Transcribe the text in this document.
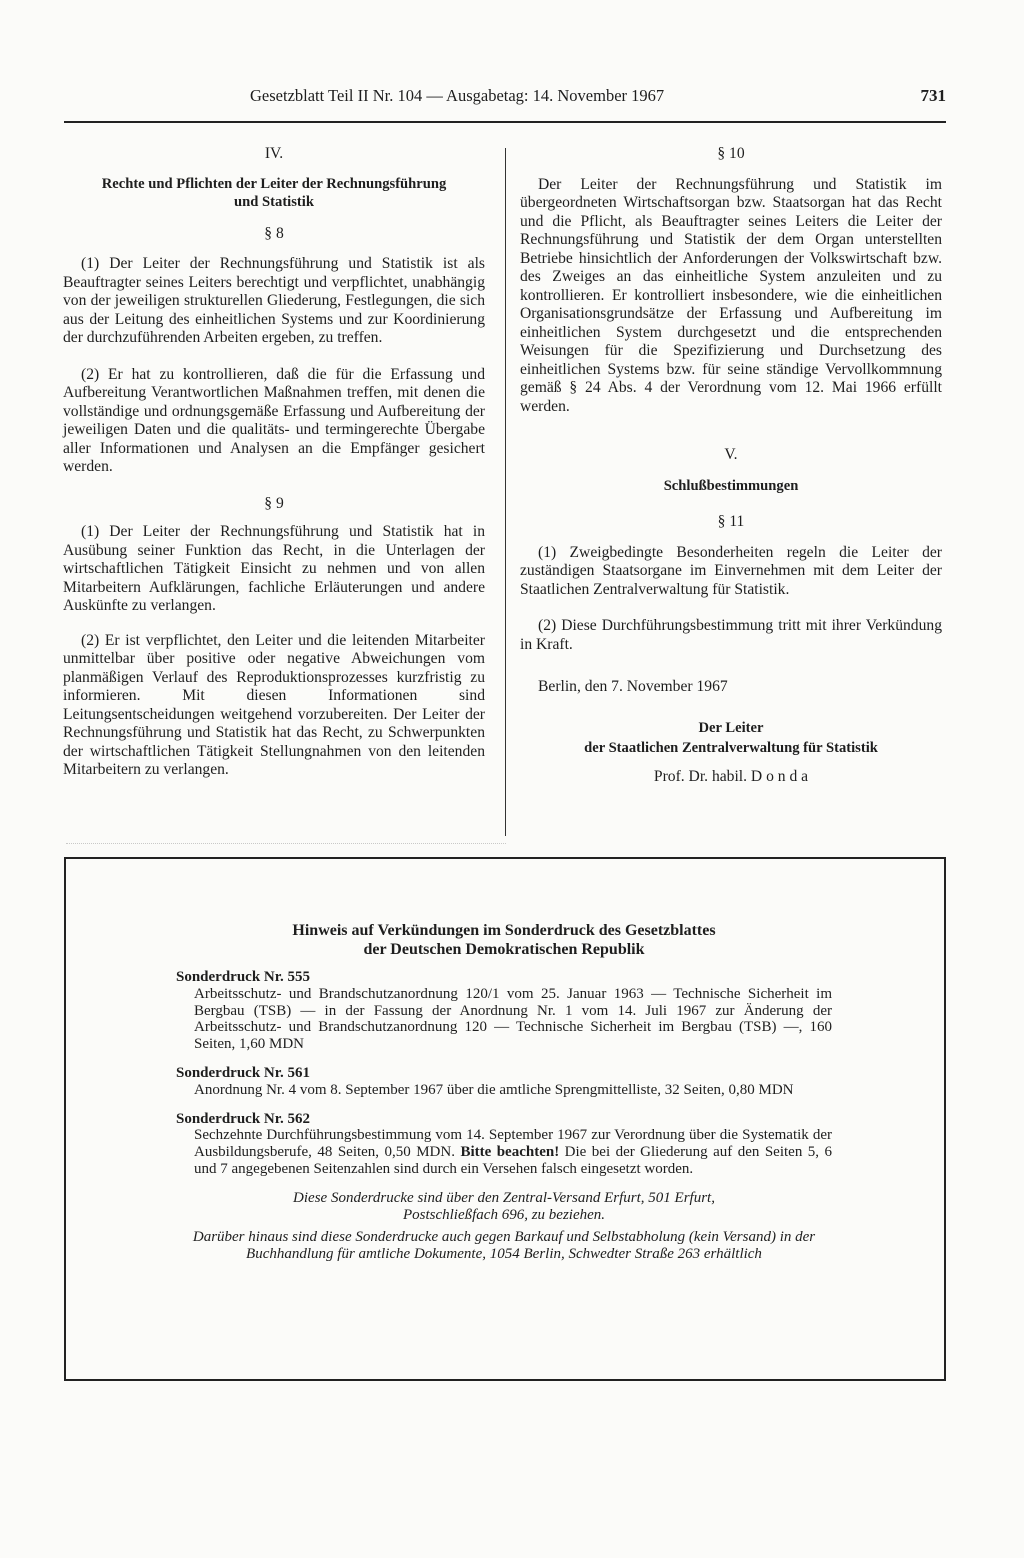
Gesetzblatt Teil II Nr. 104 — Ausgabetag: 14. November 1967	731

IV.

Rechte und Pflichten der Leiter der Rechnungsführung

und Statistik

§ 8

(1) Der Leiter der Rechnungsführung und Statistik ist als Beauftragter seines Leiters berechtigt und verpflichtet, unabhängig von der jeweiligen strukturellen Gliederung, Festlegungen, die sich aus der Leitung des einheitlichen Systems und zur Koordinierung der durchzuführenden Arbeiten ergeben, zu treffen.

(2) Er hat zu kontrollieren, daß die für die Erfassung und Aufbereitung Verantwortlichen Maßnahmen treffen, mit denen die vollständige und ordnungsgemäße Erfassung und Aufbereitung der jeweiligen Daten und die qualitäts- und termingerechte Übergabe aller Informationen und Analysen an die Empfänger gesichert werden.

§ 9

(1) Der Leiter der Rechnungsführung und Statistik hat in Ausübung seiner Funktion das Recht, in die Unterlagen der wirtschaftlichen Tätigkeit Einsicht zu nehmen und von allen Mitarbeitern Aufklärungen, fachliche Erläuterungen und andere Auskünfte zu verlangen.

(2) Er ist verpflichtet, den Leiter und die leitenden Mitarbeiter unmittelbar über positive oder negative Abweichungen vom planmäßigen Verlauf des Reproduktionsprozesses kurzfristig zu informieren. Mit diesen Informationen sind Leitungsentscheidungen weitgehend vorzubereiten. Der Leiter der Rechnungsführung und Statistik hat das Recht, zu Schwerpunkten der wirtschaftlichen Tätigkeit Stellungnahmen von den leitenden Mitarbeitern zu verlangen.

§ 10

Der Leiter der Rechnungsführung und Statistik im übergeordneten Wirtschaftsorgan bzw. Staatsorgan hat das Recht und die Pflicht, als Beauftragter seines Leiters die Leiter der Rechnungsführung und Statistik der dem Organ unterstellten Betriebe hinsichtlich der Anforderungen der Volkswirtschaft bzw. des Zweiges an das einheitliche System anzuleiten und zu kontrollieren. Er kontrolliert insbesondere, wie die einheitlichen Organisationsgrundsätze der Erfassung und Aufbereitung im einheitlichen System durchgesetzt und die entsprechenden Weisungen für die Spezifizierung und Durchsetzung des einheitlichen Systems bzw. für seine ständige Vervollkommnung gemäß § 24 Abs. 4 der Verordnung vom 12. Mai 1966 erfüllt werden.

V.

Schlußbestimmungen

§ 11

(1) Zweigbedingte Besonderheiten regeln die Leiter der zuständigen Staatsorgane im Einvernehmen mit dem Leiter der Staatlichen Zentralverwaltung für Statistik.

(2) Diese Durchführungsbestimmung tritt mit ihrer Verkündung in Kraft.

Berlin, den 7. November 1967

Der Leiter

der Staatlichen Zentralverwaltung für Statistik

Prof. Dr. habil. D o n d a

Hinweis auf Verkündungen im Sonderdruck des Gesetzblattes

der Deutschen Demokratischen Republik

Sonderdruck Nr. 555

Arbeitsschutz- und Brandschutzanordnung 120/1 vom 25. Januar 1963 — Technische Sicherheit im Bergbau (TSB) — in der Fassung der Anordnung Nr. 1 vom 14. Juli 1967 zur Änderung der Arbeitsschutz- und Brandschutzanordnung 120 — Technische Sicherheit im Bergbau (TSB) —, 160 Seiten, 1,60 MDN

Sonderdruck Nr. 561

Anordnung Nr. 4 vom 8. September 1967 über die amtliche Sprengmittelliste, 32 Seiten, 0,80 MDN

Sonderdruck Nr. 562

Sechzehnte Durchführungsbestimmung vom 14. September 1967 zur Verordnung über die Systematik der Ausbildungsberufe, 48 Seiten, 0,50 MDN. Bitte beachten! Die bei der Gliederung auf den Seiten 5, 6 und 7 angegebenen Seitenzahlen sind durch ein Versehen falsch eingesetzt worden.

Diese Sonderdrucke sind über den Zentral-Versand Erfurt, 501 Erfurt, Postschließfach 696, zu beziehen.

Darüber hinaus sind diese Sonderdrucke auch gegen Barkauf und Selbstabholung (kein Versand) in der Buchhandlung für amtliche Dokumente, 1054 Berlin, Schwedter Straße 263 erhältlich
